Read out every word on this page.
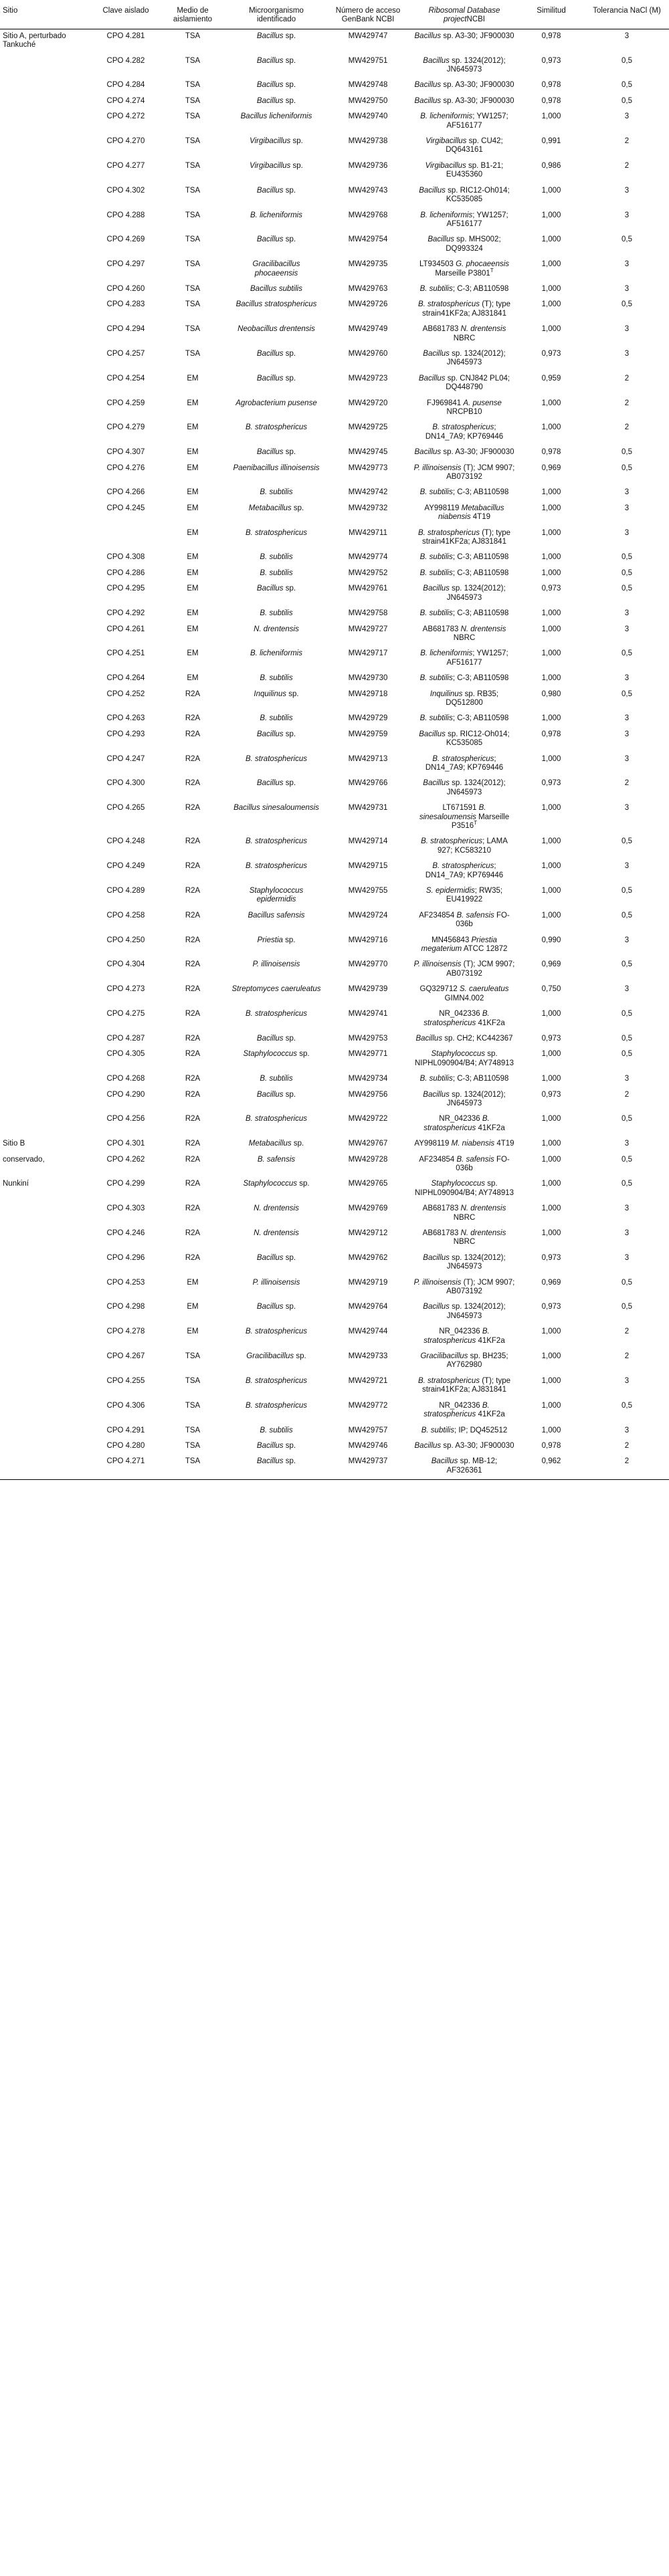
Sitio	Clave aislado	Medio de aislamiento	Microorganismo identificado	Número de acceso GenBank NCBI	Ribosomal Database projectNCBI	Similitud	Tolerancia NaCl (M)
Sitio A, perturbado Tankuché	CPO 4.281	TSA	Bacillus sp.	MW429747	Bacillus sp. A3-30; JF900030	0,978	3
	CPO 4.282	TSA	Bacillus sp.	MW429751	Bacillus sp. 1324(2012); JN645973	0,973	0,5
	CPO 4.284	TSA	Bacillus sp.	MW429748	Bacillus sp. A3-30; JF900030	0,978	0,5
	CPO 4.274	TSA	Bacillus sp.	MW429750	Bacillus sp. A3-30; JF900030	0,978	0,5
	CPO 4.272	TSA	Bacillus licheniformis	MW429740	B. licheniformis; YW1257; AF516177	1,000	3
	CPO 4.270	TSA	Virgibacillus sp.	MW429738	Virgibacillus sp. CU42; DQ643161	0,991	2
	CPO 4.277	TSA	Virgibacillus sp.	MW429736	Virgibacillus sp. B1-21; EU435360	0,986	2
	CPO 4.302	TSA	Bacillus sp.	MW429743	Bacillus sp. RIC12-Oh014; KC535085	1,000	3
	CPO 4.288	TSA	B. licheniformis	MW429768	B. licheniformis; YW1257; AF516177	1,000	3
	CPO 4.269	TSA	Bacillus sp.	MW429754	Bacillus sp. MHS002; DQ993324	1,000	0,5
	CPO 4.297	TSA	Gracilibacillus phocaeensis	MW429735	LT934503 G. phocaeensis Marseille $P3801^T$	1,000	3
	CPO 4.260	TSA	Bacillus subtilis	MW429763	B. subtilis; C-3; AB110598	1,000	3
	CPO 4.283	TSA	Bacillus stratosphericus	MW429726	B. stratosphericus (T); type strain41KF2a; AJ831841	1,000	0,5
	CPO 4.294	TSA	Neobacillus drentensis	MW429749	AB681783 N. drentensis NBRC	1,000	3
	CPO 4.257	TSA	Bacillus sp.	MW429760	Bacillus sp. 1324(2012); JN645973	0,973	3
	CPO 4.254	EM	Bacillus sp.	MW429723	Bacillus sp. CNJ842 PL04; DQ448790	0,959	2
	CPO 4.259	EM	Agrobacterium pusense	MW429720	FJ969841 A. pusense NRCPB10	1,000	2
	CPO 4.279	EM	B. stratosphericus	MW429725	B. stratosphericus; DN14_7A9; KP769446	1,000	2
	CPO 4.307	EM	Bacillus sp.	MW429745	Bacillus sp. A3-30; JF900030	0,978	0,5
	CPO 4.276	EM	Paenibacillus illinoisensis	MW429773	P. illinoisensis (T); JCM 9907; AB073192	0,969	0,5
	CPO 4.266	EM	B. subtilis	MW429742	B. subtilis; C-3; AB110598	1,000	3
	CPO 4.245	EM	Metabacillus sp.	MW429732	AY998119 Metabacillus niabensis 4T19	1,000	3
		EM	B. stratosphericus	MW429711	B. stratosphericus (T); type strain41KF2a; AJ831841	1,000	3
	CPO 4.308	EM	B. subtilis	MW429774	B. subtilis; C-3; AB110598	1,000	0,5
	CPO 4.286	EM	B. subtilis	MW429752	B. subtilis; C-3; AB110598	1,000	0,5
	CPO 4.295	EM	Bacillus sp.	MW429761	Bacillus sp. 1324(2012); JN645973	0,973	0,5
	CPO 4.292	EM	B. subtilis	MW429758	B. subtilis; C-3; AB110598	1,000	3
	CPO 4.261	EM	N. drentensis	MW429727	AB681783 N. drentensis NBRC	1,000	3
	CPO 4.251	EM	B. licheniformis	MW429717	B. licheniformis; YW1257; AF516177	1,000	0,5
	CPO 4.264	EM	B. subtilis	MW429730	B. subtilis; C-3; AB110598	1,000	3
	CPO 4.252	R2A	Inquilinus sp.	MW429718	Inquilinus sp. RB35; DQ512800	0,980	0,5
	CPO 4.263	R2A	B. subtilis	MW429729	B. subtilis; C-3; AB110598	1,000	3
	CPO 4.293	R2A	Bacillus sp.	MW429759	Bacillus sp. RIC12-Oh014; KC535085	0,978	3
	CPO 4.247	R2A	B. stratosphericus	MW429713	B. stratosphericus; DN14_7A9; KP769446	1,000	3
	CPO 4.300	R2A	Bacillus sp.	MW429766	Bacillus sp. 1324(2012); JN645973	0,973	2
	CPO 4.265	R2A	Bacillus sinesaloumensis	MW429731	LT671591 B. sinesaloumensis Marseille $P3516^T$	1,000	3
	CPO 4.248	R2A	B. stratosphericus	MW429714	B. stratosphericus; LAMA 927; KC583210	1,000	0,5
	CPO 4.249	R2A	B. stratosphericus	MW429715	B. stratosphericus; DN14_7A9; KP769446	1,000	3
	CPO 4.289	R2A	Staphylococcus epidermidis	MW429755	S. epidermidis; RW35; EU419922	1,000	0,5
	CPO 4.258	R2A	Bacillus safensis	MW429724	AF234854 B. safensis FO-036b	1,000	0,5
	CPO 4.250	R2A	Priestia sp.	MW429716	MN456843 Priestia megaterium ATCC 12872	0,990	3
	CPO 4.304	R2A	P. illinoisensis	MW429770	P. illinoisensis (T); JCM 9907; AB073192	0,969	0,5
	CPO 4.273	R2A	Streptomyces caeruleatus	MW429739	GQ329712 S. caeruleatus GIMN4.002	0,750	3
	CPO 4.275	R2A	B. stratosphericus	MW429741	NR_042336 B. stratosphericus 41KF2a	1,000	0,5
	CPO 4.287	R2A	Bacillus sp.	MW429753	Bacillus sp. CH2; KC442367	0,973	0,5
	CPO 4.305	R2A	Staphylococcus sp.	MW429771	Staphylococcus sp. NIPHL090904/B4; AY748913	1,000	0,5
	CPO 4.268	R2A	B. subtilis	MW429734	B. subtilis; C-3; AB110598	1,000	3
	CPO 4.290	R2A	Bacillus sp.	MW429756	Bacillus sp. 1324(2012); JN645973	0,973	2
	CPO 4.256	R2A	B. stratosphericus	MW429722	NR_042336 B. stratosphericus 41KF2a	1,000	0,5
Sitio B	CPO 4.301	R2A	Metabacillus sp.	MW429767	AY998119 M. niabensis 4T19	1,000	3
conservado,	CPO 4.262	R2A	B. safensis	MW429728	AF234854 B. safensis FO-036b	1,000	0,5
Nunkiní	CPO 4.299	R2A	Staphylococcus sp.	MW429765	Staphylococcus sp. NIPHL090904/B4; AY748913	1,000	0,5
	CPO 4.303	R2A	N. drentensis	MW429769	AB681783 N. drentensis NBRC	1,000	3
	CPO 4.246	R2A	N. drentensis	MW429712	AB681783 N. drentensis NBRC	1,000	3
	CPO 4.296	R2A	Bacillus sp.	MW429762	Bacillus sp. 1324(2012); JN645973	0,973	3
	CPO 4.253	EM	P. illinoisensis	MW429719	P. illinoisensis (T); JCM 9907; AB073192	0,969	0,5
	CPO 4.298	EM	Bacillus sp.	MW429764	Bacillus sp. 1324(2012); JN645973	0,973	0,5
	CPO 4.278	EM	B. stratosphericus	MW429744	NR_042336 B. stratosphericus 41KF2a	1,000	2
	CPO 4.267	TSA	Gracilibacillus sp.	MW429733	Gracilibacillus sp. BH235; AY762980	1,000	2
	CPO 4.255	TSA	B. stratosphericus	MW429721	B. stratosphericus (T); type strain41KF2a; AJ831841	1,000	3
	CPO 4.306	TSA	B. stratosphericus	MW429772	NR_042336 B. stratosphericus 41KF2a	1,000	0,5
	CPO 4.291	TSA	B. subtilis	MW429757	B. subtilis; IP; DQ452512	1,000	3
	CPO 4.280	TSA	Bacillus sp.	MW429746	Bacillus sp. A3-30; JF900030	0,978	2
	CPO 4.271	TSA	Bacillus sp.	MW429737	Bacillus sp. MB-12; AF326361	0,962	2
